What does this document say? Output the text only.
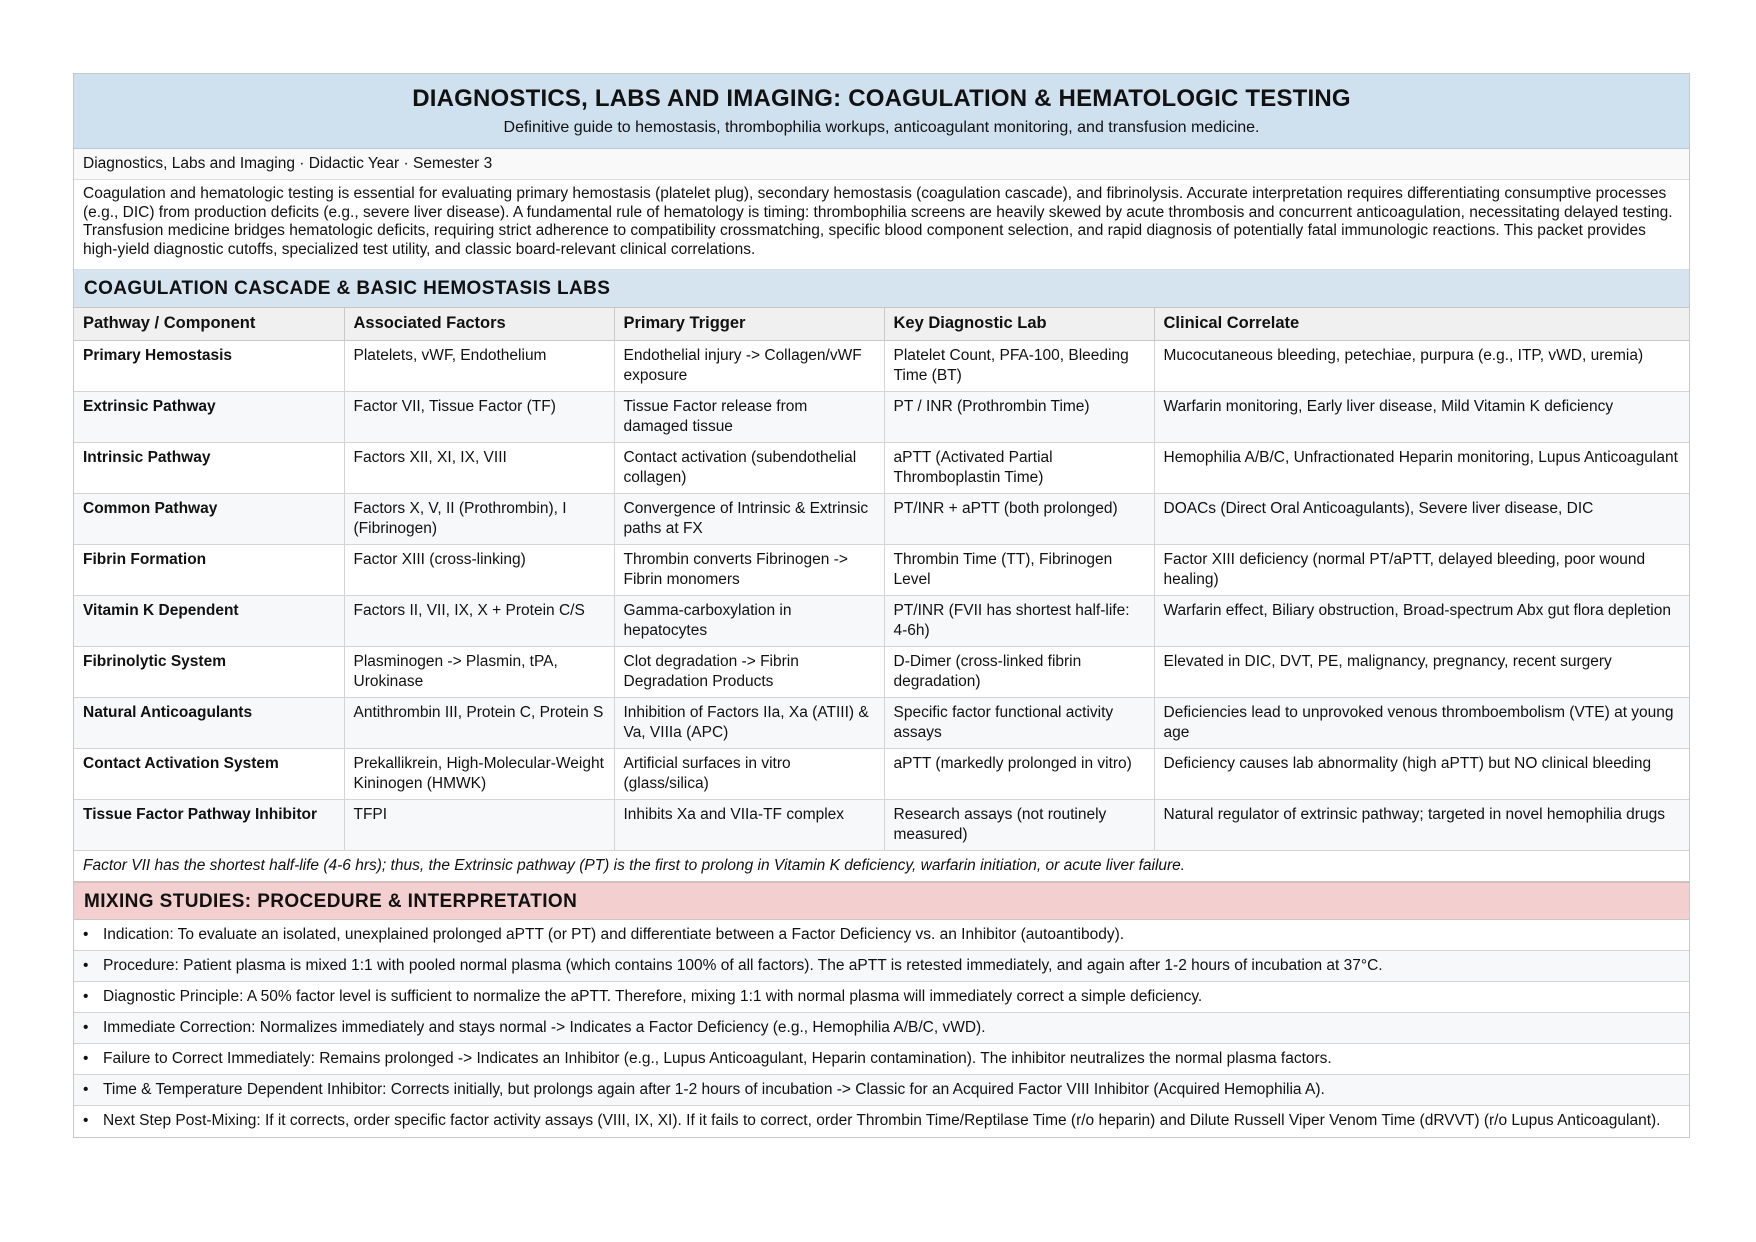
DIAGNOSTICS, LABS AND IMAGING: COAGULATION & HEMATOLOGIC TESTING
Definitive guide to hemostasis, thrombophilia workups, anticoagulant monitoring, and transfusion medicine.
Diagnostics, Labs and Imaging · Didactic Year · Semester 3
Coagulation and hematologic testing is essential for evaluating primary hemostasis (platelet plug), secondary hemostasis (coagulation cascade), and fibrinolysis. Accurate interpretation requires differentiating consumptive processes (e.g., DIC) from production deficits (e.g., severe liver disease). A fundamental rule of hematology is timing: thrombophilia screens are heavily skewed by acute thrombosis and concurrent anticoagulation, necessitating delayed testing. Transfusion medicine bridges hematologic deficits, requiring strict adherence to compatibility crossmatching, specific blood component selection, and rapid diagnosis of potentially fatal immunologic reactions. This packet provides high-yield diagnostic cutoffs, specialized test utility, and classic board-relevant clinical correlations.
COAGULATION CASCADE & BASIC HEMOSTASIS LABS
Pathway / Component	Associated Factors	Primary Trigger	Key Diagnostic Lab	Clinical Correlate
Primary Hemostasis	Platelets, vWF, Endothelium	Endothelial injury -> Collagen/vWF exposure	Platelet Count, PFA-100, Bleeding Time (BT)	Mucocutaneous bleeding, petechiae, purpura (e.g., ITP, vWD, uremia)
Extrinsic Pathway	Factor VII, Tissue Factor (TF)	Tissue Factor release from damaged tissue	PT / INR (Prothrombin Time)	Warfarin monitoring, Early liver disease, Mild Vitamin K deficiency
Intrinsic Pathway	Factors XII, XI, IX, VIII	Contact activation (subendothelial collagen)	aPTT (Activated Partial Thromboplastin Time)	Hemophilia A/B/C, Unfractionated Heparin monitoring, Lupus Anticoagulant
Common Pathway	Factors X, V, II (Prothrombin), I (Fibrinogen)	Convergence of Intrinsic & Extrinsic paths at FX	PT/INR + aPTT (both prolonged)	DOACs (Direct Oral Anticoagulants), Severe liver disease, DIC
Fibrin Formation	Factor XIII (cross-linking)	Thrombin converts Fibrinogen -> Fibrin monomers	Thrombin Time (TT), Fibrinogen Level	Factor XIII deficiency (normal PT/aPTT, delayed bleeding, poor wound healing)
Vitamin K Dependent	Factors II, VII, IX, X + Protein C/S	Gamma-carboxylation in hepatocytes	PT/INR (FVII has shortest half-life: 4-6h)	Warfarin effect, Biliary obstruction, Broad-spectrum Abx gut flora depletion
Fibrinolytic System	Plasminogen -> Plasmin, tPA, Urokinase	Clot degradation -> Fibrin Degradation Products	D-Dimer (cross-linked fibrin degradation)	Elevated in DIC, DVT, PE, malignancy, pregnancy, recent surgery
Natural Anticoagulants	Antithrombin III, Protein C, Protein S	Inhibition of Factors IIa, Xa (ATIII) & Va, VIIIa (APC)	Specific factor functional activity assays	Deficiencies lead to unprovoked venous thromboembolism (VTE) at young age
Contact Activation System	Prekallikrein, High-Molecular-Weight Kininogen (HMWK)	Artificial surfaces in vitro (glass/silica)	aPTT (markedly prolonged in vitro)	Deficiency causes lab abnormality (high aPTT) but NO clinical bleeding
Tissue Factor Pathway Inhibitor	TFPI	Inhibits Xa and VIIa-TF complex	Research assays (not routinely measured)	Natural regulator of extrinsic pathway; targeted in novel hemophilia drugs
Factor VII has the shortest half-life (4-6 hrs); thus, the Extrinsic pathway (PT) is the first to prolong in Vitamin K deficiency, warfarin initiation, or acute liver failure.
MIXING STUDIES: PROCEDURE & INTERPRETATION
• Indication: To evaluate an isolated, unexplained prolonged aPTT (or PT) and differentiate between a Factor Deficiency vs. an Inhibitor (autoantibody).
• Procedure: Patient plasma is mixed 1:1 with pooled normal plasma (which contains 100% of all factors). The aPTT is retested immediately, and again after 1-2 hours of incubation at 37°C.
• Diagnostic Principle: A 50% factor level is sufficient to normalize the aPTT. Therefore, mixing 1:1 with normal plasma will immediately correct a simple deficiency.
• Immediate Correction: Normalizes immediately and stays normal -> Indicates a Factor Deficiency (e.g., Hemophilia A/B/C, vWD).
• Failure to Correct Immediately: Remains prolonged -> Indicates an Inhibitor (e.g., Lupus Anticoagulant, Heparin contamination). The inhibitor neutralizes the normal plasma factors.
• Time & Temperature Dependent Inhibitor: Corrects initially, but prolongs again after 1-2 hours of incubation -> Classic for an Acquired Factor VIII Inhibitor (Acquired Hemophilia A).
• Next Step Post-Mixing: If it corrects, order specific factor activity assays (VIII, IX, XI). If it fails to correct, order Thrombin Time/Reptilase Time (r/o heparin) and Dilute Russell Viper Venom Time (dRVVT) (r/o Lupus Anticoagulant).
